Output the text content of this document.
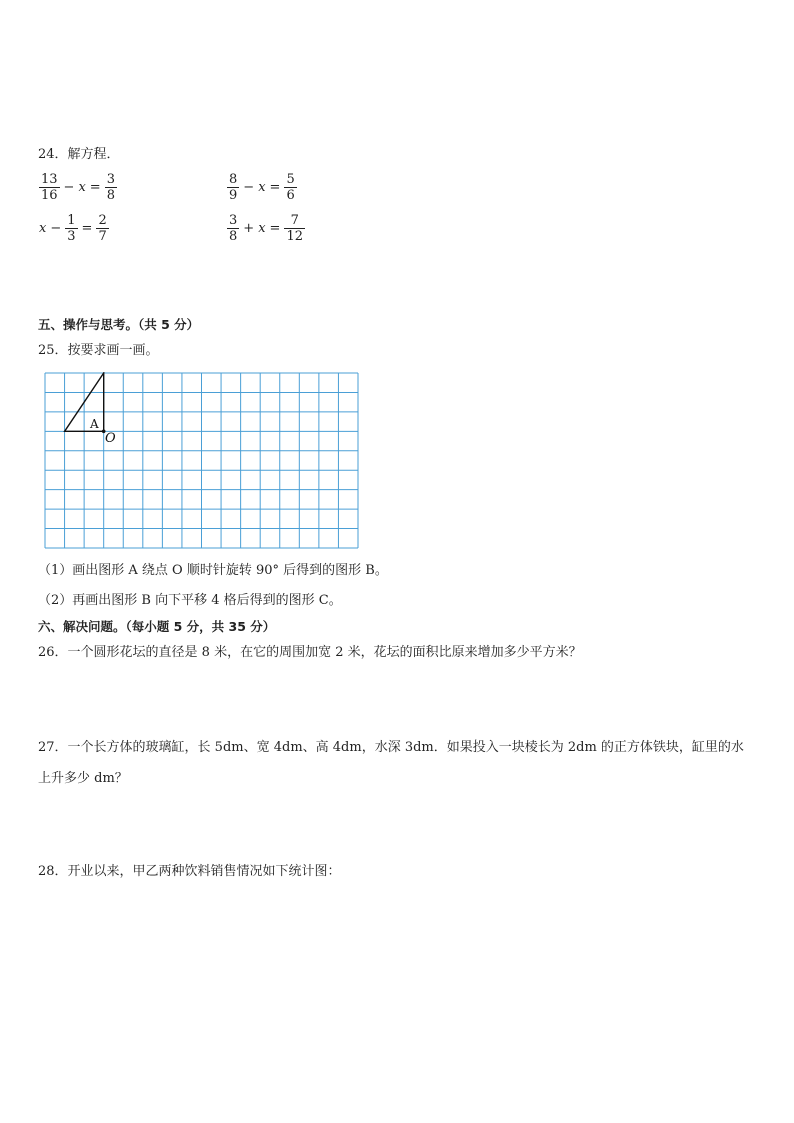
24．解方程．
$\frac{13}{16} - x = \frac{3}{8}$	$\frac{8}{9} - x = \frac{5}{6}$
$x - \frac{1}{3} = \frac{2}{7}$	$\frac{3}{8} + x = \frac{7}{12}$
五、操作与思考。（共 5 分）
25．按要求画一画。
A
O
（1）画出图形 A 绕点 O 顺时针旋转 90° 后得到的图形 B。
（2）再画出图形 B 向下平移 4 格后得到的图形 C。
六、解决问题。（每小题 5 分，共 35 分）
26．一个圆形花坛的直径是 8 米，在它的周围加宽 2 米，花坛的面积比原来增加多少平方米？
27．一个长方体的玻璃缸，长 5dm、宽 4dm、高 4dm，水深 3dm．如果投入一块棱长为 2dm 的正方体铁块，缸里的水
上升多少 dm？
28．开业以来，甲乙两种饮料销售情况如下统计图：
